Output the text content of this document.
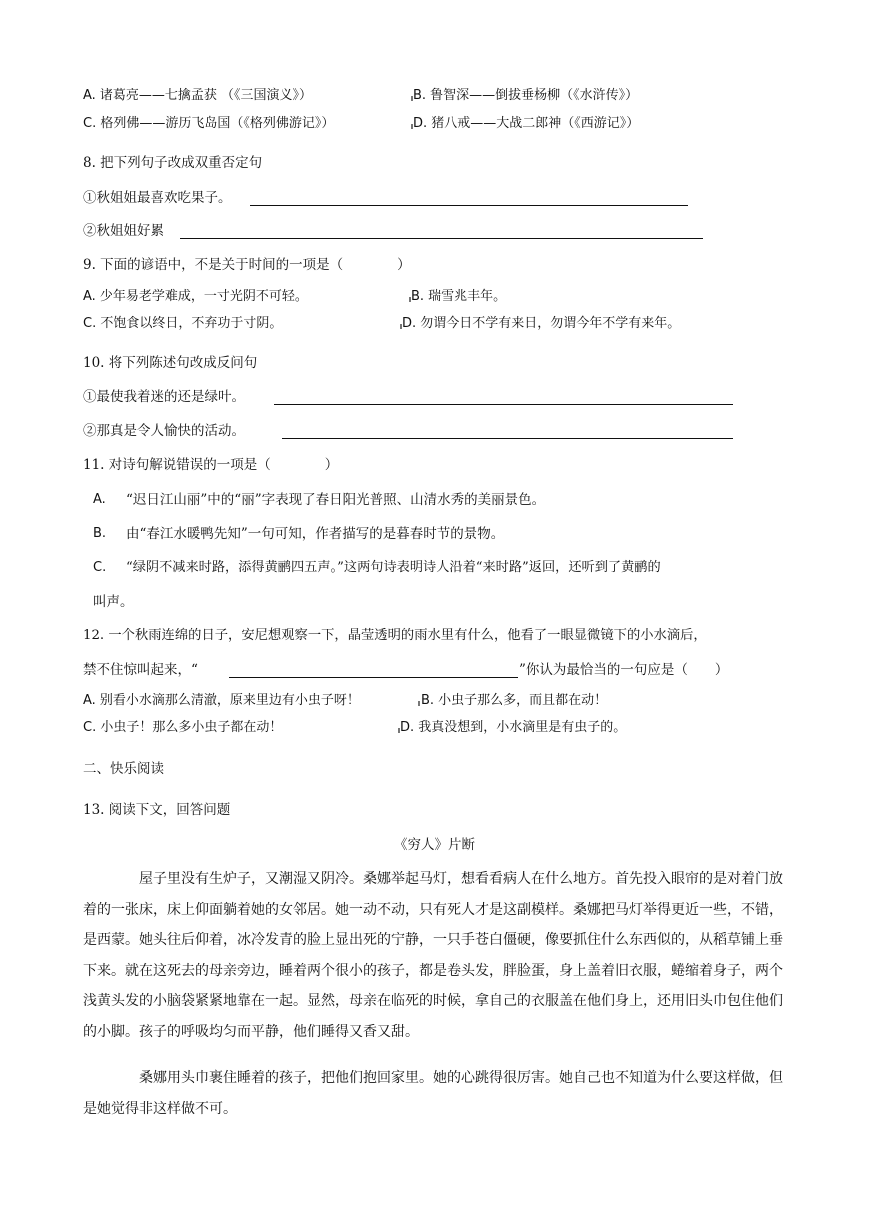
A. 诸葛亮——七擒孟获 （《三国演义》）	B. 鲁智深——倒拔垂杨柳（《水浒传》）
C. 格列佛——游历飞岛国（《格列佛游记》）	D. 猪八戒——大战二郎神（《西游记》）
8. 把下列句子改成双重否定句
①秋姐姐最喜欢吃果子。
②秋姐姐好累
9. 下面的谚语中，不是关于时间的一项是（　　　　）
A. 少年易老学难成，一寸光阴不可轻。	B. 瑞雪兆丰年。
C. 不饱食以终日，不弃功于寸阴。	D. 勿谓今日不学有来日，勿谓今年不学有来年。
10. 将下列陈述句改成反问句
①最使我着迷的还是绿叶。
②那真是令人愉快的活动。
11. 对诗句解说错误的一项是（　　　　）
A. “迟日江山丽”中的“丽”字表现了春日阳光普照、山清水秀的美丽景色。
B. 由“春江水暖鸭先知”一句可知，作者描写的是暮春时节的景物。
C. “绿阴不减来时路，添得黄鹂四五声。”这两句诗表明诗人沿着“来时路”返回，还听到了黄鹂的
叫声。
12. 一个秋雨连绵的日子，安尼想观察一下，晶莹透明的雨水里有什么，他看了一眼显微镜下的小水滴后，
禁不住惊叫起来，“	”你认为最恰当的一句应是（　　）
A. 别看小水滴那么清澈，原来里边有小虫子呀！	B. 小虫子那么多，而且都在动！
C. 小虫子！那么多小虫子都在动！	D. 我真没想到，小水滴里是有虫子的。
二、快乐阅读
13. 阅读下文，回答问题
《穷人》片断
屋子里没有生炉子，又潮湿又阴冷。桑娜举起马灯，想看看病人在什么地方。首先投入眼帘的是对着门放着的一张床，床上仰面躺着她的女邻居。她一动不动，只有死人才是这副模样。桑娜把马灯举得更近一些，不错，是西蒙。她头往后仰着，冰冷发青的脸上显出死的宁静，一只手苍白僵硬，像要抓住什么东西似的，从稻草铺上垂下来。就在这死去的母亲旁边，睡着两个很小的孩子，都是卷头发，胖脸蛋，身上盖着旧衣服，蜷缩着身子，两个浅黄头发的小脑袋紧紧地靠在一起。显然，母亲在临死的时候，拿自己的衣服盖在他们身上，还用旧头巾包住他们的小脚。孩子的呼吸均匀而平静，他们睡得又香又甜。
桑娜用头巾裹住睡着的孩子，把他们抱回家里。她的心跳得很厉害。她自己也不知道为什么要这样做，但是她觉得非这样做不可。
